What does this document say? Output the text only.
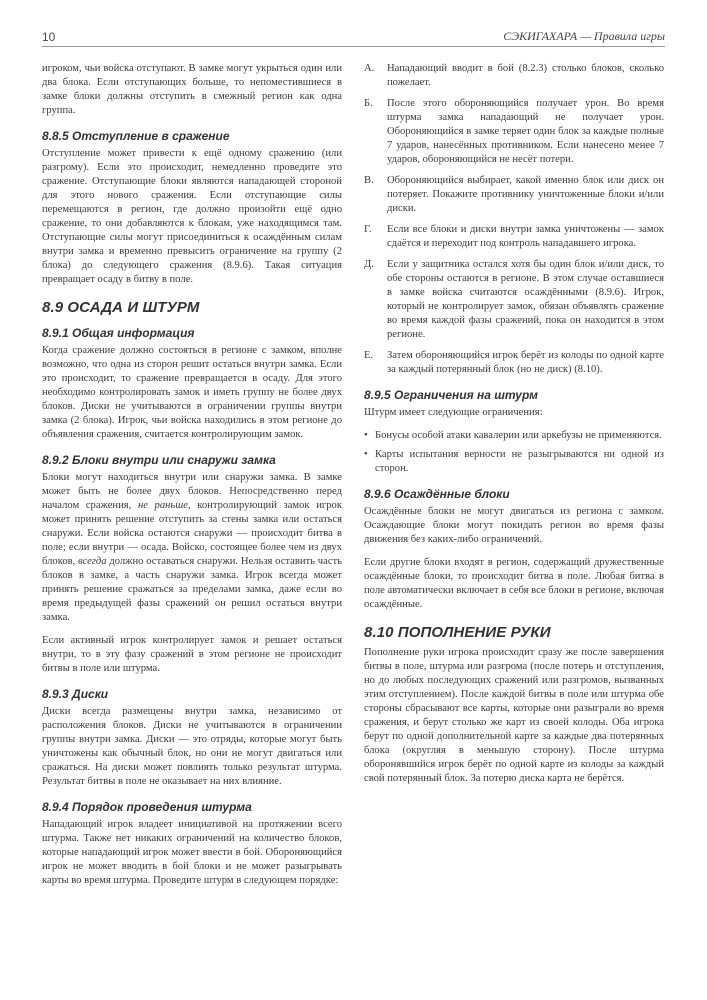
10	СЭКИГАХАРА — Правила игры

игроком, чьи войска отступают. В замке могут укрыться один или два блока. Если отступающих больше, то непоместившиеся в замке блоки должны отступить в смежный регион как одна группа.

8.8.5 Отступление в сражение

Отступление может привести к ещё одному сражению (или разгрому). Если это происходит, немедленно проведите это сражение. Отступающие блоки являются нападающей стороной для этого нового сражения. Если отступающие силы перемещаются в регион, где должно произойти ещё одно сражение, то они добавляются к блокам, уже находящимся там. Отступающие силы могут присоединиться к осаждённым силам внутри замка и временно превысить ограничение на группу (2 блока) до следующего сражения (8.9.6). Такая ситуация превращает осаду в битву в поле.

8.9 ОСАДА И ШТУРМ
8.9.1 Общая информация

Когда сражение должно состояться в регионе с замком, вполне возможно, что одна из сторон решит остаться внутри замка. Если это происходит, то сражение превращается в осаду. Для этого необходимо контролировать замок и иметь группу не более двух блоков. Диски не учитываются в ограничении группы внутри замка (2 блока). Игрок, чьи войска находились в этом регионе до объявления сражения, считается контролирующим замок.

8.9.2 Блоки внутри или снаружи замка

Блоки могут находиться внутри или снаружи замка. В замке может быть не более двух блоков. Непосредственно перед началом сражения, не раньше, контролирующий замок игрок может принять решение отступить за стены замка или остаться снаружи. Если войска остаются снаружи — происходит битва в поле; если внутри — осада. Войско, состоящее более чем из двух блоков, всегда должно оставаться снаружи. Нельзя оставить часть блоков в замке, а часть снаружи замка. Игрок всегда может принять решение сражаться за пределами замка, даже если во время предыдущей фазы сражений он решил остаться внутри замка.

Если активный игрок контролирует замок и решает остаться внутри, то в эту фазу сражений в этом регионе не происходит битвы в поле или штурма.

8.9.3 Диски

Диски всегда размещены внутри замка, независимо от расположения блоков. Диски не учитываются в ограничении группы внутри замка. Диски — это отряды, которые могут быть уничтожены как обычный блок, но они не могут двигаться или сражаться. На диски может повлиять только результат штурма. Результат битвы в поле не оказывает на них влияние.

8.9.4 Порядок проведения штурма

Нападающий игрок владеет инициативой на протяжении всего штурма. Также нет никаких ограничений на количество блоков, которые нападающий игрок может ввести в бой. Обороняющийся игрок не может вводить в бой блоки и не может разыгрывать карты во время штурма. Проведите штурм в следующем порядке:

А. Нападающий вводит в бой (8.2.3) столько блоков, сколько пожелает.
Б. После этого обороняющийся получает урон. Во время штурма замка нападающий не получает урон. Обороняющийся в замке теряет один блок за каждые полные 7 ударов, нанесённых противником. Если нанесено менее 7 ударов, обороняющийся не несёт потери.
В. Обороняющийся выбирает, какой именно блок или диск он потеряет. Покажите противнику уничтоженные блоки и/или диски.
Г. Если все блоки и диски внутри замка уничтожены — замок сдаётся и переходит под контроль нападавшего игрока.
Д. Если у защитника остался хотя бы один блок и/или диск, то обе стороны остаются в регионе. В этом случае оставшиеся в замке войска считаются осаждёнными (8.9.6). Игрок, который не контролирует замок, обязан объявлять сражение во время каждой фазы сражений, пока он находится в этом регионе.
Е. Затем обороняющийся игрок берёт из колоды по одной карте за каждый потерянный блок (но не диск) (8.10).
8.9.5 Ограничения на штурм

Штурм имеет следующие ограничения:

• Бонусы особой атаки кавалерии или аркебузы не применяются.
• Карты испытания верности не разыгрываются ни одной из сторон.
8.9.6 Осаждённые блоки

Осаждённые блоки не могут двигаться из региона с замком. Осаждающие блоки могут покидать регион во время фазы движения без каких-либо ограничений.

Если другие блоки входят в регион, содержащий дружественные осаждённые блоки, то происходит битва в поле. Любая битва в поле автоматически включает в себя все блоки в регионе, включая осаждённые.

8.10 ПОПОЛНЕНИЕ РУКИ

Пополнение руки игрока происходит сразу же после завершения битвы в поле, штурма или разгрома (после потерь и отступления, но до любых последующих сражений или разгромов, вызванных этим отступлением). После каждой битвы в поле или штурма обе стороны сбрасывают все карты, которые они разыграли во время сражения, и берут столько же карт из своей колоды. Оба игрока берут по одной дополнительной карте за каждые два потерянных блока (округляя в меньшую сторону). После штурма оборонявшийся игрок берёт по одной карте из колоды за каждый свой потерянный блок. За потерю диска карта не берётся.
